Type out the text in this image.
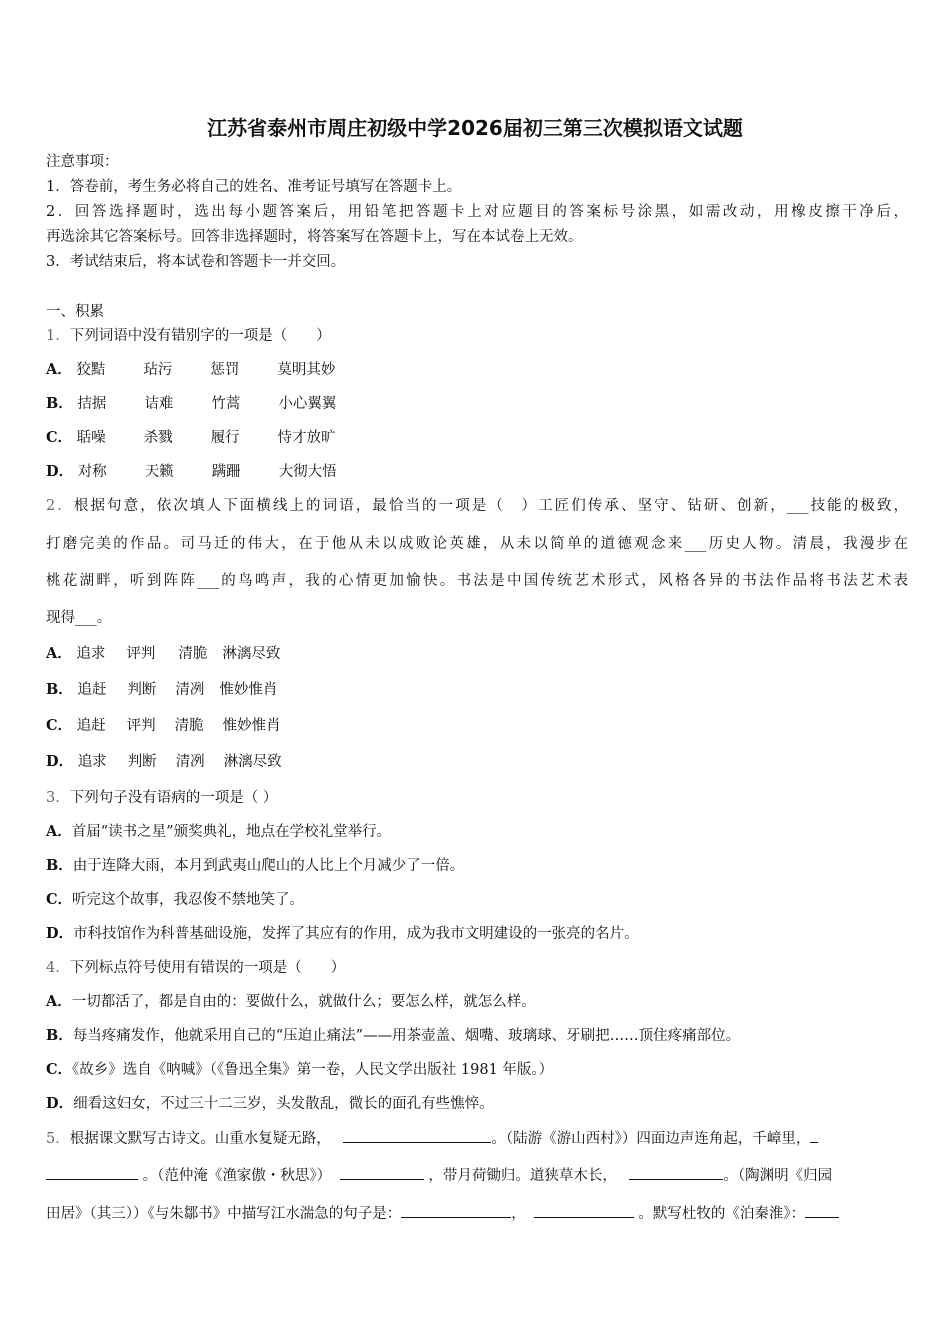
江苏省泰州市周庄初级中学2026届初三第三次模拟语文试题
注意事项：
1．答卷前，考生务必将自己的姓名、准考证号填写在答题卡上。
2．回答选择题时，选出每小题答案后，用铅笔把答题卡上对应题目的答案标号涂黑，如需改动，用橡皮擦干净后，
再选涂其它答案标号。回答非选择题时，将答案写在答题卡上，写在本试卷上无效。
3．考试结束后，将本试卷和答题卡一并交回。
一、积累
1．下列词语中没有错别字的一项是（　　）
A． 狡黠	玷污	惩罚	莫明其妙
B． 拮据	诘难	竹蒿	小心翼翼
C． 聒噪	杀戮	履行	恃才放旷
D． 对称	天籁	蹒跚	大彻大悟
2．根据句意，依次填人下面横线上的词语，最恰当的一项是（　）工匠们传承、坚守、钻研、创新，___技能的极致，
打磨完美的作品。司马迁的伟大，在于他从未以成败论英雄，从未以简单的道德观念来___历史人物。清晨，我漫步在
桃花湖畔，听到阵阵___的鸟鸣声，我的心情更加愉快。书法是中国传统艺术形式，风格各异的书法作品将书法艺术表
现得___。
A． 追求 评判 清脆 淋漓尽致
B． 追赶 判断 清冽 惟妙惟肖
C． 追赶 评判 清脆 惟妙惟肖
D． 追求 判断 清冽 淋漓尽致
3．下列句子没有语病的一项是（ ）
A．首届“读书之星”颁奖典礼，地点在学校礼堂举行。
B．由于连降大雨，本月到武夷山爬山的人比上个月减少了一倍。
C．听完这个故事，我忍俊不禁地笑了。
D．市科技馆作为科普基础设施，发挥了其应有的作用，成为我市文明建设的一张亮的名片。
4．下列标点符号使用有错误的一项是（　　）
A．一切都活了，都是自由的：要做什么，就做什么；要怎么样，就怎么样。
B．每当疼痛发作，他就采用自己的“压迫止痛法”——用茶壶盖、烟嘴、玻璃球、牙刷把……顶住疼痛部位。
C．《故乡》选自《呐喊》（《鲁迅全集》第一卷，人民文学出版社 1981 年版。）
D．细看这妇女，不过三十二三岁，头发散乱，微长的面孔有些憔悴。
5．根据课文默写古诗文。山重水复疑无路，	。（陆游《游山西村》）四面边声连角起，千嶂里，
。（范仲淹《渔家傲・秋思》）	，带月荷锄归。道狭草木长，	。（陶渊明《归园
田居》（其三））《与朱鄒书》中描写江水湍急的句子是：	，	。默写杜牧的《泊秦淮》：
